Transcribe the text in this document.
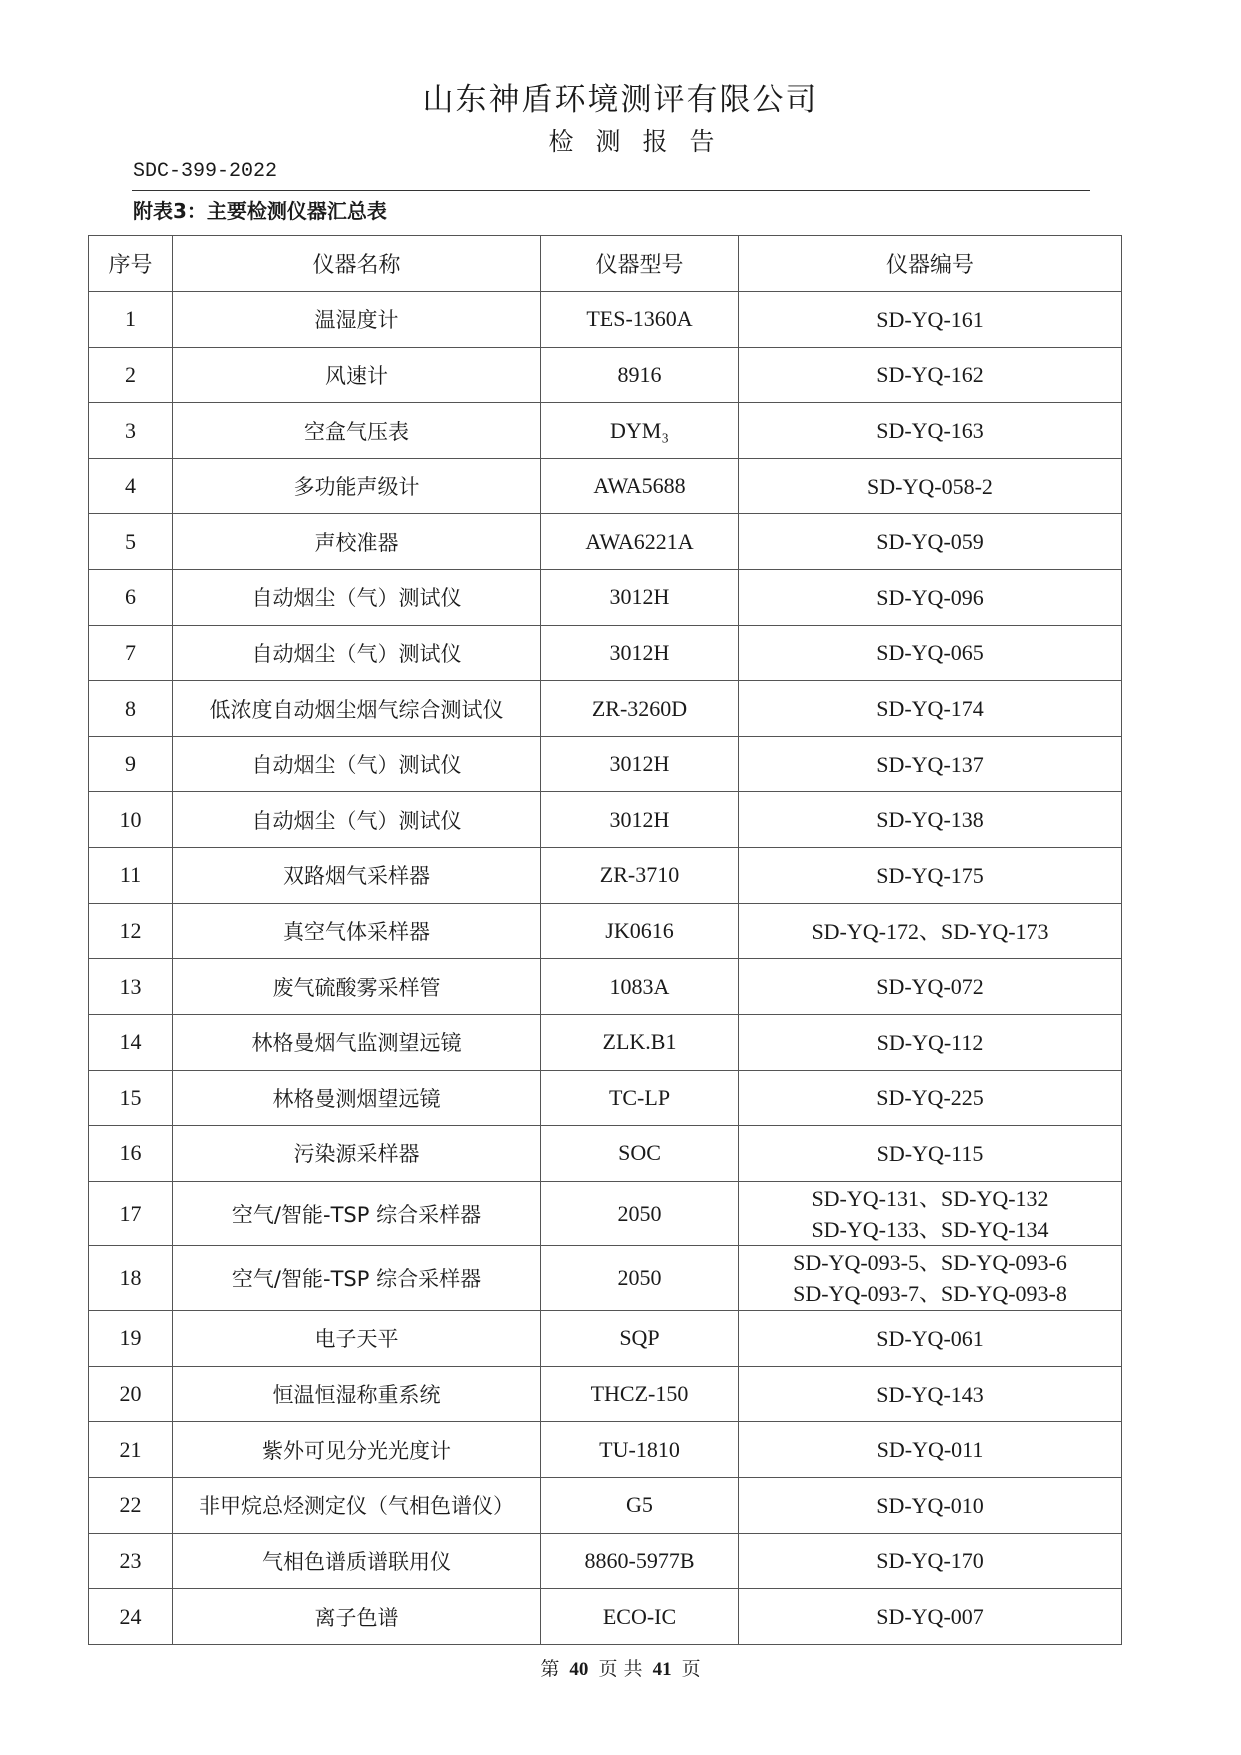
山东神盾环境测评有限公司
检测报告
SDC-399-2022
附表3：主要检测仪器汇总表
序号	仪器名称	仪器型号	仪器编号
1	温湿度计	TES-1360A	SD-YQ-161

2	风速计	8916	SD-YQ-162

3	空盒气压表	DYM₃	SD-YQ-163

4	多功能声级计	AWA5688	SD-YQ-058-2

5	声校准器	AWA6221A	SD-YQ-059

6	自动烟尘（气）测试仪	3012H	SD-YQ-096

7	自动烟尘（气）测试仪	3012H	SD-YQ-065

8	低浓度自动烟尘烟气综合测试仪	ZR-3260D	SD-YQ-174

9	自动烟尘（气）测试仪	3012H	SD-YQ-137

10	自动烟尘（气）测试仪	3012H	SD-YQ-138

11	双路烟气采样器	ZR-3710	SD-YQ-175

12	真空气体采样器	JK0616	SD-YQ-172、SD-YQ-173

13	废气硫酸雾采样管	1083A	SD-YQ-072

14	林格曼烟气监测望远镜	ZLK.B1	SD-YQ-112

15	林格曼测烟望远镜	TC-LP	SD-YQ-225

16	污染源采样器	SOC	SD-YQ-115

17	空气/智能-TSP 综合采样器	2050	SD-YQ-131、SD-YQ-132
SD-YQ-133、SD-YQ-134

18	空气/智能-TSP 综合采样器	2050	SD-YQ-093-5、SD-YQ-093-6
SD-YQ-093-7、SD-YQ-093-8

19	电子天平	SQP	SD-YQ-061

20	恒温恒湿称重系统	THCZ-150	SD-YQ-143

21	紫外可见分光光度计	TU-1810	SD-YQ-011

22	非甲烷总烃测定仪（气相色谱仪）	G5	SD-YQ-010

23	气相色谱质谱联用仪	8860-5977B	SD-YQ-170

24	离子色谱	ECO-IC	SD-YQ-007
第 40 页 共 41 页
